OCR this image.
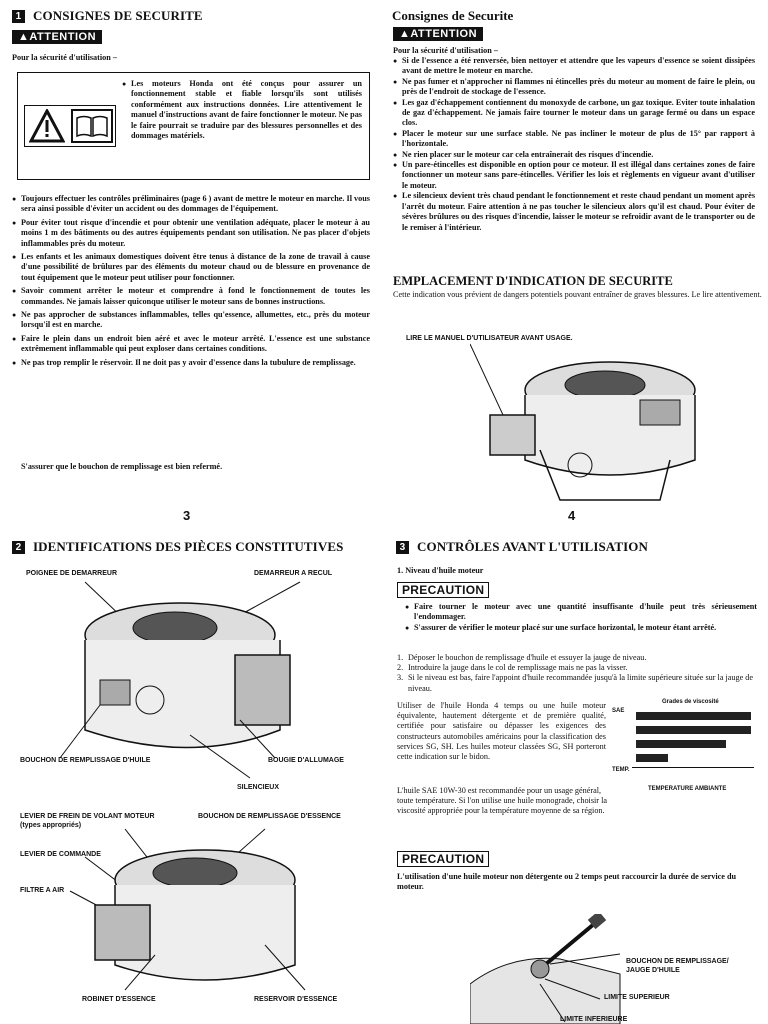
1 CONSIGNES DE SECURITE
▲ATTENTION
Pour la sécurité d'utilisation –
● Les moteurs Honda ont été conçus pour assurer un fonctionnement stable et fiable lorsqu'ils sont utilisés conformément aux instructions données. Lire attentivement le manuel d'instructions avant de faire fonctionner le moteur. Ne pas le faire pourrait se traduire par des blessures personnelles et des dommages matériels.
● Toujours effectuer les contrôles préliminaires (page 6 ) avant de mettre le moteur en marche. Il vous sera ainsi possible d'éviter un accident ou des dommages de l'équipement.
● Pour éviter tout risque d'incendie et pour obtenir une ventilation adéquate, placer le moteur à au moins 1 m des bâtiments ou des autres équipements pendant son utilisation. Ne pas placer d'objets inflammables près du moteur.
● Les enfants et les animaux domestiques doivent être tenus à distance de la zone de travail à cause d'une possibilité de brûlures par des éléments du moteur chaud ou de blessure en provenance de tout équipement que le moteur peut utiliser pour fonctionner.
● Savoir comment arrêter le moteur et comprendre à fond le fonctionnement de toutes les commandes. Ne jamais laisser quiconque utiliser le moteur sans de bonnes instructions.
● Ne pas approcher de substances inflammables, telles qu'essence, allumettes, etc., près du moteur lorsqu'il est en marche.
● Faire le plein dans un endroit bien aéré et avec le moteur arrêté. L'essence est une substance extrêmement inflammable qui peut exploser dans certaines conditions.
● Ne pas trop remplir le réservoir. Il ne doit pas y avoir d'essence dans la tubulure de remplissage.
S'assurer que le bouchon de remplissage est bien refermé.
3
Consignes de Securite
▲ATTENTION
Pour la sécurité d'utilisation –
● Si de l'essence a été renversée, bien nettoyer et attendre que les vapeurs d'essence se soient dissipées avant de mettre le moteur en marche.
● Ne pas fumer et n'approcher ni flammes ni étincelles près du moteur au moment de faire le plein, ou près de l'endroit de stockage de l'essence.
● Les gaz d'échappement contiennent du monoxyde de carbone, un gaz toxique. Eviter toute inhalation de gaz d'échappement. Ne jamais faire tourner le moteur dans un garage fermé ou dans un espace clos.
● Placer le moteur sur une surface stable. Ne pas incliner le moteur de plus de 15° par rapport à l'horizontale.
● Ne rien placer sur le moteur car cela entraînerait des risques d'incendie.
● Un pare-étincelles est disponible en option pour ce moteur. Il est illégal dans certaines zones de faire fonctionner un moteur sans pare-étincelles. Vérifier les lois et règlements en vigueur avant d'utiliser le moteur.
● Le silencieux devient très chaud pendant le fonctionnement et reste chaud pendant un moment après l'arrêt du moteur. Faire attention à ne pas toucher le silencieux alors qu'il est chaud. Pour éviter de sévères brûlures ou des risques d'incendie, laisser le moteur se refroidir avant de le transporter ou de le remiser à l'intérieur.
EMPLACEMENT D'INDICATION DE SECURITE
Cette indication vous prévient de dangers potentiels pouvant entraîner de graves blessures. Le lire attentivement.
LIRE LE MANUEL D'UTILISATEUR AVANT USAGE.
4
2 IDENTIFICATIONS DES PIÈCES CONSTITUTIVES
POIGNEE DE DEMARREUR	DEMARREUR A RECUL
BOUCHON DE REMPLISSAGE D'HUILE	BOUGIE D'ALLUMAGE
SILENCIEUX
LEVIER DE FREIN DE VOLANT MOTEUR
(types appropriés)
BOUCHON DE REMPLISSAGE D'ESSENCE
LEVIER DE COMMANDE
FILTRE A AIR
ROBINET D'ESSENCE	RESERVOIR D'ESSENCE
3 CONTRÔLES AVANT L'UTILISATION
1. Niveau d'huile moteur
PRECAUTION
● Faire tourner le moteur avec une quantité insuffisante d'huile peut très sérieusement l'endommager.
● S'assurer de vérifier le moteur placé sur une surface horizontal, le moteur étant arrêté.
1. Déposer le bouchon de remplissage d'huile et essuyer la jauge de niveau.
2. Introduire la jauge dans le col de remplissage mais ne pas la visser.
3. Si le niveau est bas, faire l'appoint d'huile recommandée jusqu'à la limite supérieure située sur la jauge de niveau.
Utiliser de l'huile Honda 4 temps ou une huile moteur équivalente, hautement détergente et de première qualité, certifiée pour satisfaire ou dépasser les exigences des constructeurs automobiles américains pour la classification des services SG, SH. Les huiles moteur classées SG, SH porteront cette indication sur le bidon.
L'huile SAE 10W-30 est recommandée pour un usage général, toute température. Si l'on utilise une huile monograde, choisir la viscosité appropriée pour la température moyenne de sa région.
Grades de viscosité
SAE
TEMP.
TEMPERATURE AMBIANTE
PRECAUTION
L'utilisation d'une huile moteur non détergente ou 2 temps peut raccourcir la durée de service du moteur.
BOUCHON DE REMPLISSAGE/
JAUGE D'HUILE
LIMITE SUPERIEUR
LIMITE INFERIEURE
